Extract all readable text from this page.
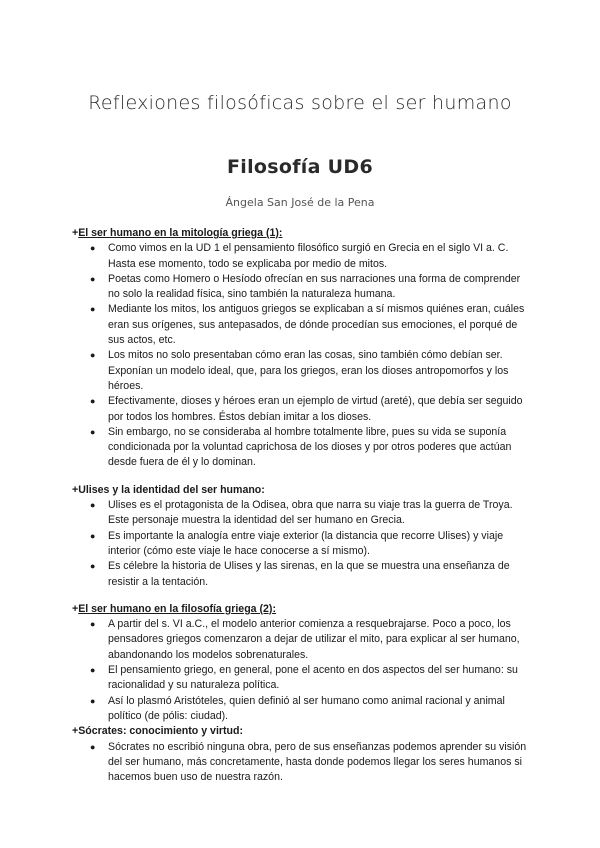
Reflexiones filosóficas sobre el ser humano
Filosofía UD6

Ángela San José de la Pena

+El ser humano en la mitología griega (1):

● Como vimos en la UD 1 el pensamiento filosófico surgió en Grecia en el siglo VI a. C. Hasta ese momento, todo se explicaba por medio de mitos.
● Poetas como Homero o Hesíodo ofrecían en sus narraciones una forma de comprender no solo la realidad física, sino también la naturaleza humana.
● Mediante los mitos, los antiguos griegos se explicaban a sí mismos quiénes eran, cuáles eran sus orígenes, sus antepasados, de dónde procedían sus emociones, el porqué de sus actos, etc.
● Los mitos no solo presentaban cómo eran las cosas, sino también cómo debían ser. Exponían un modelo ideal, que, para los griegos, eran los dioses antropomorfos y los héroes.
● Efectivamente, dioses y héroes eran un ejemplo de virtud (areté), que debía ser seguido por todos los hombres. Éstos debían imitar a los dioses.
● Sin embargo, no se consideraba al hombre totalmente libre, pues su vida se suponía condicionada por la voluntad caprichosa de los dioses y por otros poderes que actúan desde fuera de él y lo dominan.

+Ulises y la identidad del ser humano:

● Ulises es el protagonista de la Odisea, obra que narra su viaje tras la guerra de Troya. Este personaje muestra la identidad del ser humano en Grecia.
● Es importante la analogía entre viaje exterior (la distancia que recorre Ulises) y viaje interior (cómo este viaje le hace conocerse a sí mismo).
● Es célebre la historia de Ulises y las sirenas, en la que se muestra una enseñanza de resistir a la tentación.

+El ser humano en la filosofía griega (2):

● A partir del s. VI a.C., el modelo anterior comienza a resquebrajarse. Poco a poco, los pensadores griegos comenzaron a dejar de utilizar el mito, para explicar al ser humano, abandonando los modelos sobrenaturales.
● El pensamiento griego, en general, pone el acento en dos aspectos del ser humano: su racionalidad y su naturaleza política.
● Así lo plasmó Aristóteles, quien definió al ser humano como animal racional y animal político (de pólis: ciudad).

+Sócrates: conocimiento y virtud:

● Sócrates no escribió ninguna obra, pero de sus enseñanzas podemos aprender su visión del ser humano, más concretamente, hasta donde podemos llegar los seres humanos si hacemos buen uso de nuestra razón.
